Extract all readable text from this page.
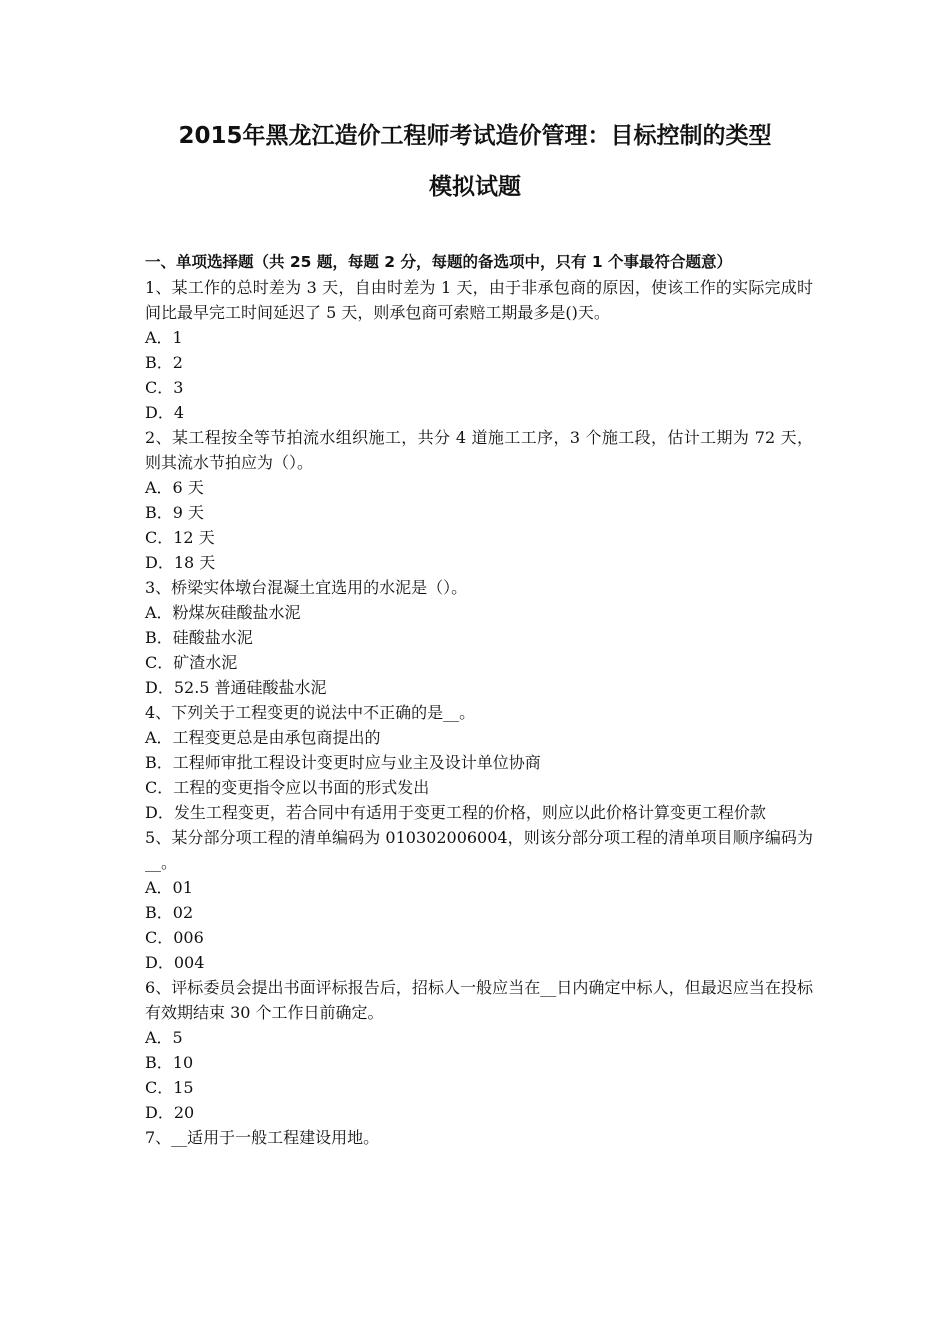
2015年黑龙江造价工程师考试造价管理：目标控制的类型
模拟试题
一、单项选择题（共 25 题，每题 2 分，每题的备选项中，只有 1 个事最符合题意）

1、某工作的总时差为 3 天，自由时差为 1 天，由于非承包商的原因，使该工作的实际完成时间比最早完工时间延迟了 5 天，则承包商可索赔工期最多是()天。

A．1

B．2

C．3

D．4

2、某工程按全等节拍流水组织施工，共分 4 道施工工序，3 个施工段，估计工期为 72 天，则其流水节拍应为（）。

A．6 天

B．9 天

C．12 天

D．18 天

3、桥梁实体墩台混凝土宜选用的水泥是（）。

A．粉煤灰硅酸盐水泥

B．硅酸盐水泥

C．矿渣水泥

D．52.5 普通硅酸盐水泥

4、下列关于工程变更的说法中不正确的是__。

A．工程变更总是由承包商提出的

B．工程师审批工程设计变更时应与业主及设计单位协商

C．工程的变更指令应以书面的形式发出

D．发生工程变更，若合同中有适用于变更工程的价格，则应以此价格计算变更工程价款

5、某分部分项工程的清单编码为 010302006004，则该分部分项工程的清单项目顺序编码为__。

A．01

B．02

C．006

D．004

6、评标委员会提出书面评标报告后，招标人一般应当在__日内确定中标人，但最迟应当在投标有效期结束 30 个工作日前确定。

A．5

B．10

C．15

D．20

7、__适用于一般工程建设用地。
